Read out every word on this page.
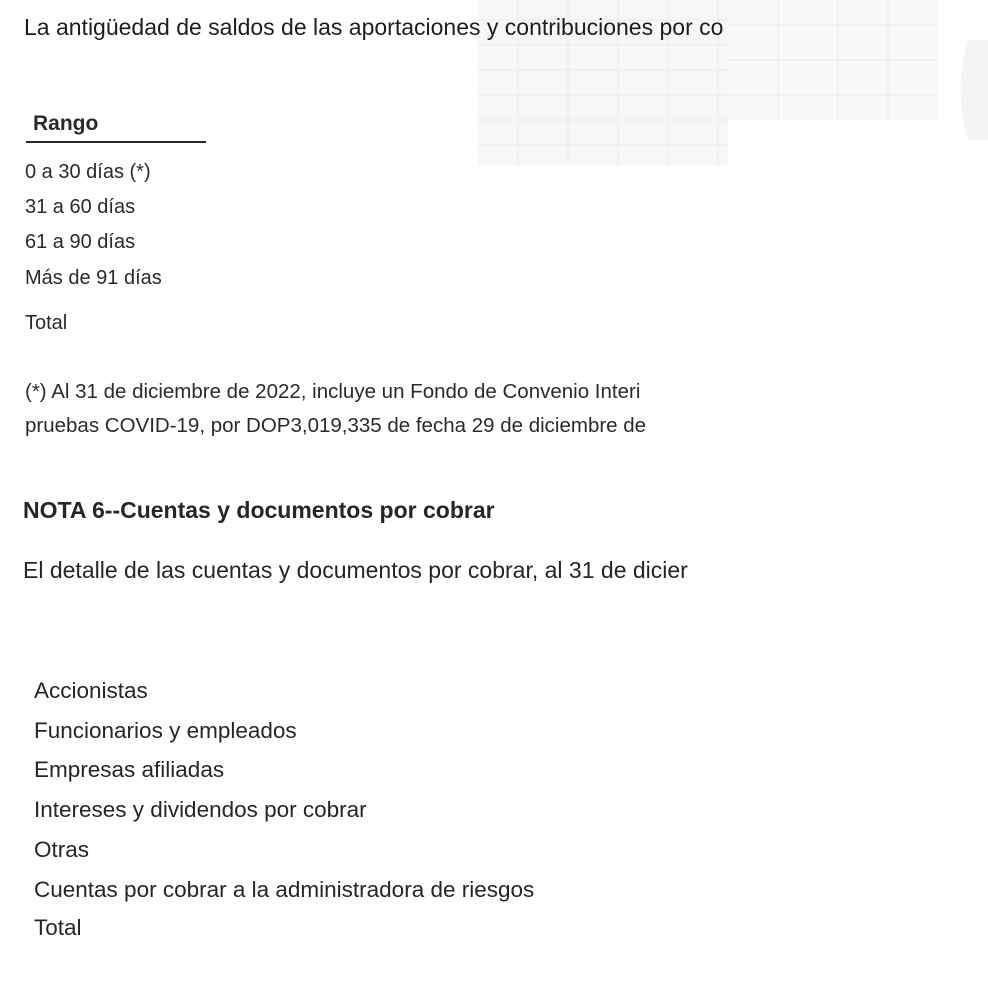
La antigüedad de saldos de las aportaciones y contribuciones por co
Rango
0 a 30 días (*)
31 a 60 días
61 a 90 días
Más de 91 días
Total
(*) Al 31 de diciembre de 2022, incluye un Fondo de Convenio Interi
pruebas COVID-19, por DOP3,019,335 de fecha 29 de diciembre de
NOTA 6--Cuentas y documentos por cobrar
El detalle de las cuentas y documentos por cobrar, al 31 de dicier
Accionistas
Funcionarios y empleados
Empresas afiliadas
Intereses y dividendos por cobrar
Otras
Cuentas por cobrar a la administradora de riesgos
Total
